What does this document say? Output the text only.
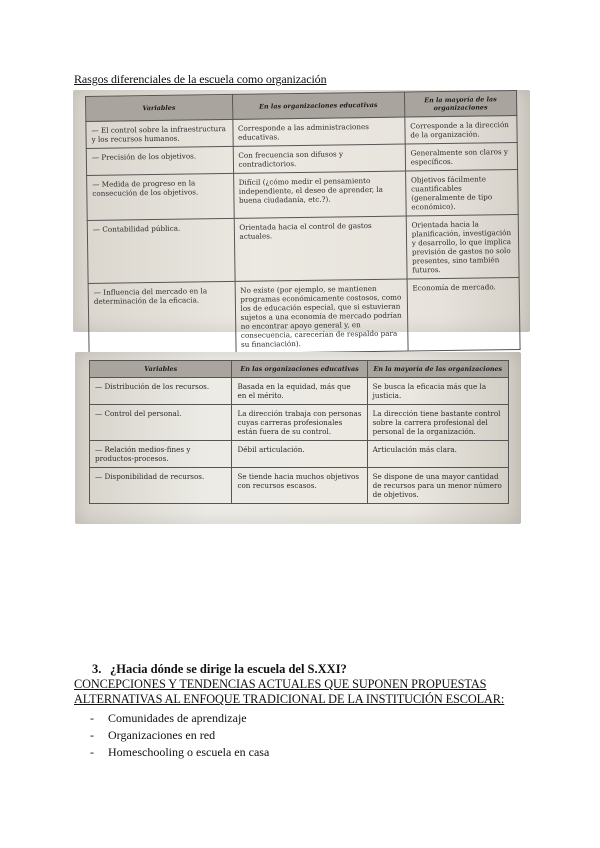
Rasgos diferenciales de la escuela como organización
Variables	En las organizaciones educativas	En la mayoría de las organizaciones
— El control sobre la infraestructura y los recursos humanos.	Corresponde a las administraciones educativas.	Corresponde a la dirección de la organización.
— Precisión de los objetivos.	Con frecuencia son difusos y contradictorios.	Generalmente son claros y específicos.
— Medida de progreso en la consecución de los objetivos.	Difícil (¿cómo medir el pensamiento independiente, el deseo de aprender, la buena ciudadanía, etc.?).	Objetivos fácilmente cuantificables (generalmente de tipo económico).
— Contabilidad pública.	Orientada hacia el control de gastos actuales.	Orientada hacia la planificación, investigación y desarrollo, lo que implica previsión de gastos no solo presentes, sino también futuros.
— Influencia del mercado en la determinación de la eficacia.	No existe (por ejemplo, se mantienen programas económicamente costosos, como los de educación especial, que si estuvieran sujetos a una economía de mercado podrían no encontrar apoyo general y, en consecuencia, carecerían de respaldo para su financiación).	Economía de mercado.
Variables	En las organizaciones educativas	En la mayoría de las organizaciones
— Distribución de los recursos.	Basada en la equidad, más que en el mérito.	Se busca la eficacia más que la justicia.
— Control del personal.	La dirección trabaja con personas cuyas carreras profesionales están fuera de su control.	La dirección tiene bastante control sobre la carrera profesional del personal de la organización.
— Relación medios-fines y productos-procesos.	Débil articulación.	Articulación más clara.
— Disponibilidad de recursos.	Se tiende hacia muchos objetivos con recursos escasos.	Se dispone de una mayor cantidad de recursos para un menor número de objetivos.
3. ¿Hacia dónde se dirige la escuela del S.XXI?
CONCEPCIONES Y TENDENCIAS ACTUALES QUE SUPONEN PROPUESTAS ALTERNATIVAS AL ENFOQUE TRADICIONAL DE LA INSTITUCIÓN ESCOLAR:
- Comunidades de aprendizaje
- Organizaciones en red
- Homeschooling o escuela en casa
